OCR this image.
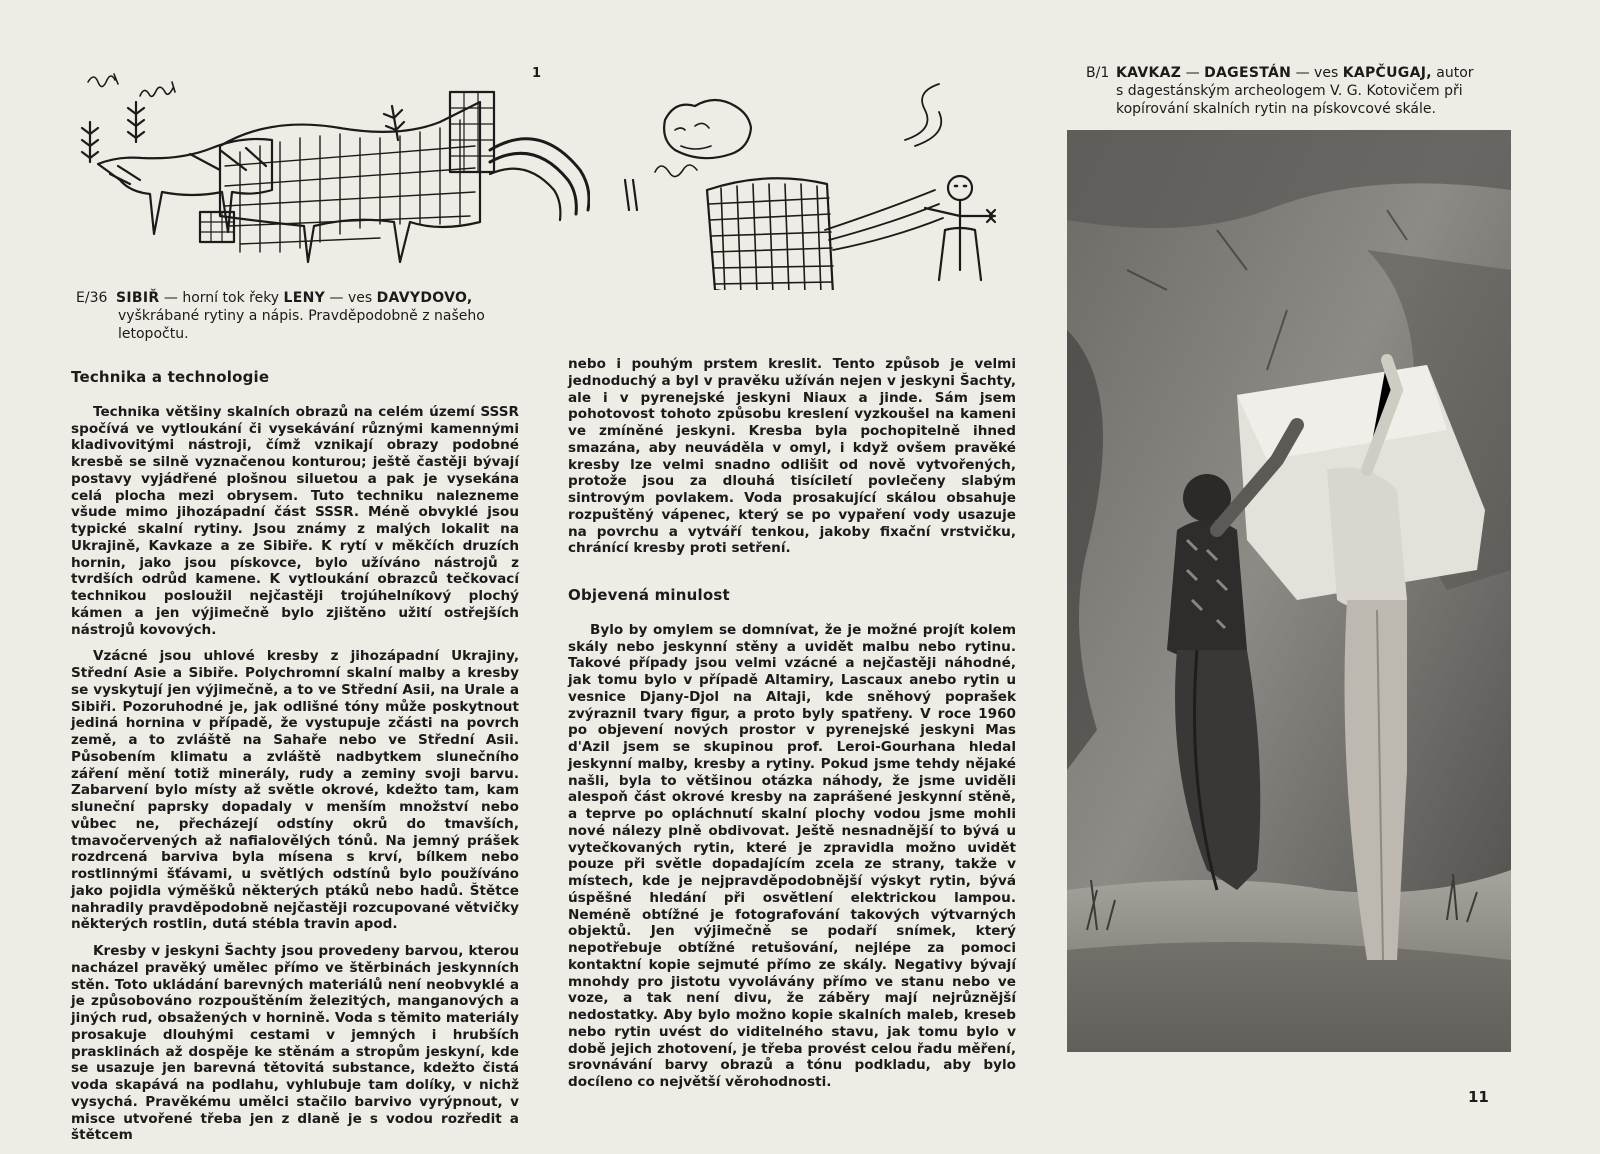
1
E/36 SIBIŘ — horní tok řeky LENY — ves DAVYDOVO,
vyškrábané rytiny a nápis. Pravděpodobně z našeho letopočtu.
B/1 KAVKAZ — DAGESTÁN — ves KAPČUGAJ, autor
s dagestánským archeologem V. G. Kotovičem při kopírování skalních rytin na pískovcové skále.
Technika a technologie

Technika většiny skalních obrazů na celém území SSSR spočívá ve vytloukání či vysekávání různými kamennými kladivovitými nástroji, čímž vznikají obrazy podobné kresbě se silně vyznačenou konturou; ještě častěji bývají postavy vyjádřené plošnou siluetou a pak je vysekána celá plocha mezi obrysem. Tuto techniku nalezneme všude mimo jihozápadní část SSSR. Méně obvyklé jsou typické skalní rytiny. Jsou známy z malých lokalit na Ukrajině, Kavkaze a ze Sibiře. K rytí v měkčích druzích hornin, jako jsou pískovce, bylo užíváno nástrojů z tvrdších odrůd kamene. K vytloukání obrazců tečkovací technikou posloužil nejčastěji trojúhelníkový plochý kámen a jen výjimečně bylo zjištěno užití ostřejších nástrojů kovových.

Vzácné jsou uhlové kresby z jihozápadní Ukrajiny, Střední Asie a Sibiře. Polychromní skalní malby a kresby se vyskytují jen výjimečně, a to ve Střední Asii, na Urale a Sibiři. Pozoruhodné je, jak odlišné tóny může poskytnout jediná hornina v případě, že vystupuje zčásti na povrch země, a to zvláště na Sahaře nebo ve Střední Asii. Působením klimatu a zvláště nadbytkem slunečního záření mění totiž minerály, rudy a zeminy svoji barvu. Zabarvení bylo místy až světle okrové, kdežto tam, kam sluneční paprsky dopadaly v menším množství nebo vůbec ne, přecházejí odstíny okrů do tmavších, tmavočervených až nafialovělých tónů. Na jemný prášek rozdrcená barviva byla mísena s krví, bílkem nebo rostlinnými šťávami, u světlých odstínů bylo používáno jako pojidla výměšků některých ptáků nebo hadů. Štětce nahradily pravděpodobně nejčastěji rozcupované větvičky některých rostlin, dutá stébla travin apod.

Kresby v jeskyni Šachty jsou provedeny barvou, kterou nacházel pravěký umělec přímo ve štěrbinách jeskynních stěn. Toto ukládání barevných materiálů není neobvyklé a je způsobováno rozpouštěním železitých, manganových a jiných rud, obsažených v hornině. Voda s těmito materiály prosakuje dlouhými cestami v jemných i hrubších prasklinách až dospěje ke stěnám a stropům jeskyní, kde se usazuje jen barevná tětovitá substance, kdežto čistá voda skapává na podlahu, vyhlubuje tam dolíky, v nichž vysychá. Pravěkému umělci stačilo barvivo vyrýpnout, v misce utvořené třeba jen z dlaně je s vodou rozředit a štětcem

nebo i pouhým prstem kreslit. Tento způsob je velmi jednoduchý a byl v pravěku užíván nejen v jeskyni Šachty, ale i v pyrenejské jeskyni Niaux a jinde. Sám jsem pohotovost tohoto způsobu kreslení vyzkoušel na kameni ve zmíněné jeskyni. Kresba byla pochopitelně ihned smazána, aby neuváděla v omyl, i když ovšem pravěké kresby lze velmi snadno odlišit od nově vytvořených, protože jsou za dlouhá tisíciletí povlečeny slabým sintrovým povlakem. Voda prosakující skálou obsahuje rozpuštěný vápenec, který se po vypaření vody usazuje na povrchu a vytváří tenkou, jakoby fixační vrstvičku, chránící kresby proti setření.

Objevená minulost

Bylo by omylem se domnívat, že je možné projít kolem skály nebo jeskynní stěny a uvidět malbu nebo rytinu. Takové případy jsou velmi vzácné a nejčastěji náhodné, jak tomu bylo v případě Altamiry, Lascaux anebo rytin u vesnice Djany-Djol na Altaji, kde sněhový poprašek zvýraznil tvary figur, a proto byly spatřeny. V roce 1960 po objevení nových prostor v pyrenejské jeskyni Mas d'Azil jsem se skupinou prof. Leroi-Gourhana hledal jeskynní malby, kresby a rytiny. Pokud jsme tehdy nějaké našli, byla to většinou otázka náhody, že jsme uviděli alespoň část okrové kresby na zaprášené jeskynní stěně, a teprve po opláchnutí skalní plochy vodou jsme mohli nové nálezy plně obdivovat. Ještě nesnadnější to bývá u vytečkovaných rytin, které je zpravidla možno uvidět pouze při světle dopadajícím zcela ze strany, takže v místech, kde je nejpravděpodobnější výskyt rytin, bývá úspěšné hledání při osvětlení elektrickou lampou. Neméně obtížné je fotografování takových výtvarných objektů. Jen výjimečně se podaří snímek, který nepotřebuje obtížné retušování, nejlépe za pomoci kontaktní kopie sejmuté přímo ze skály. Negativy bývají mnohdy pro jistotu vyvolávány přímo ve stanu nebo ve voze, a tak není divu, že záběry mají nejrůznější nedostatky. Aby bylo možno kopie skalních maleb, kreseb nebo rytin uvést do viditelného stavu, jak tomu bylo v době jejich zhotovení, je třeba provést celou řadu měření, srovnávání barvy obrazů a tónu podkladu, aby bylo docíleno co největší věrohodnosti.

11
